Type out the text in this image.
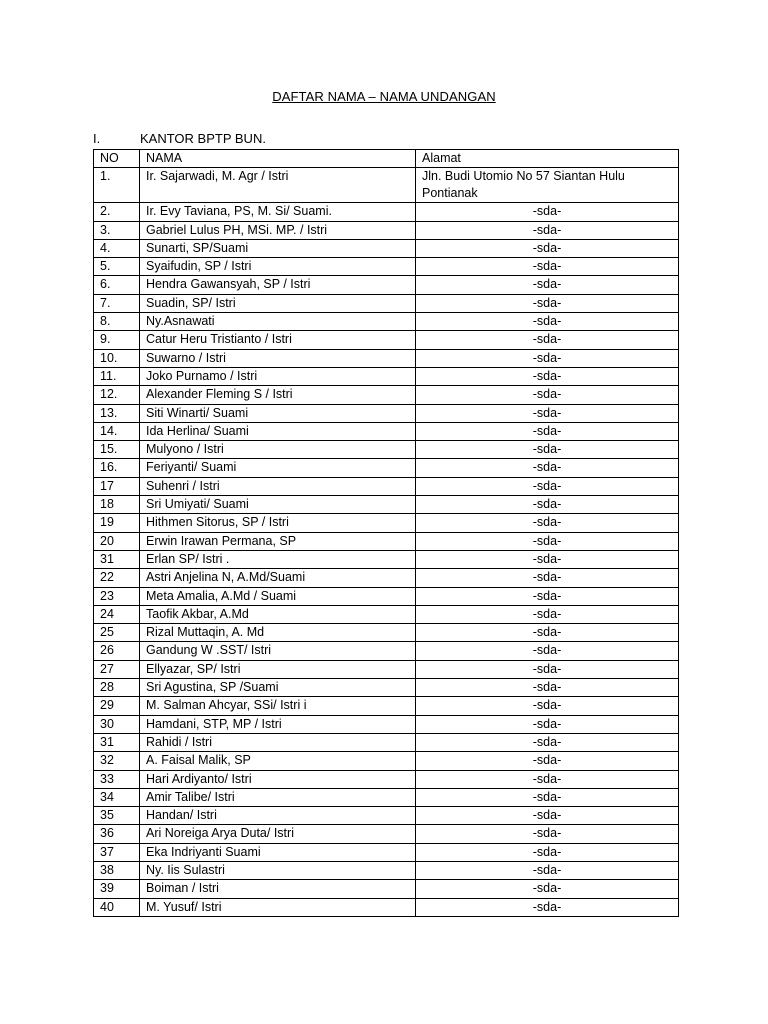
DAFTAR NAMA – NAMA UNDANGAN
I.	KANTOR BPTP BUN.
NO	NAMA	Alamat
1.	Ir. Sajarwadi, M. Agr / Istri	Jln. Budi Utomio No 57 Siantan Hulu Pontianak
2.	Ir. Evy Taviana, PS, M. Si/ Suami.	-sda-
3.	Gabriel Lulus PH, MSi. MP. / Istri	-sda-
4.	Sunarti, SP/Suami	-sda-
5.	Syaifudin, SP / Istri	-sda-
6.	Hendra Gawansyah, SP / Istri	-sda-
7.	Suadin, SP/ Istri	-sda-
8.	Ny.Asnawati	-sda-
9.	Catur Heru Tristianto / Istri	-sda-
10.	Suwarno / Istri	-sda-
11.	Joko Purnamo / Istri	-sda-
12.	Alexander Fleming S / Istri	-sda-
13.	Siti Winarti/ Suami	-sda-
14.	Ida Herlina/ Suami	-sda-
15.	Mulyono / Istri	-sda-
16.	Feriyanti/ Suami	-sda-
17	Suhenri / Istri	-sda-
18	Sri Umiyati/ Suami	-sda-
19	Hithmen Sitorus, SP / Istri	-sda-
20	Erwin Irawan Permana, SP	-sda-
31	Erlan SP/ Istri .	-sda-
22	Astri Anjelina N, A.Md/Suami	-sda-
23	Meta Amalia, A.Md / Suami	-sda-
24	Taofik Akbar, A.Md	-sda-
25	Rizal Muttaqin, A. Md	-sda-
26	Gandung W .SST/ Istri	-sda-
27	Ellyazar, SP/ Istri	-sda-
28	Sri Agustina, SP /Suami	-sda-
29	M. Salman Ahcyar, SSi/ Istri i	-sda-
30	Hamdani, STP, MP / Istri	-sda-
31	Rahidi / Istri	-sda-
32	A. Faisal Malik, SP	-sda-
33	Hari Ardiyanto/ Istri	-sda-
34	Amir Talibe/ Istri	-sda-
35	Handan/ Istri	-sda-
36	Ari Noreiga Arya Duta/ Istri	-sda-
37	Eka Indriyanti Suami	-sda-
38	Ny. Iis Sulastri	-sda-
39	Boiman / Istri	-sda-
40	M. Yusuf/ Istri	-sda-
